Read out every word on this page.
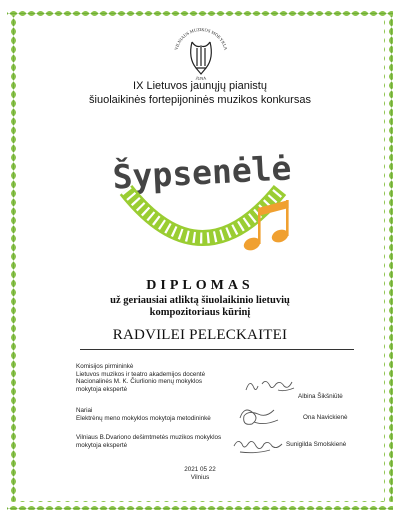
VILNIAUS MUZIKOS MOKYKLA
JUNA
IX Lietuvos jaunųjų pianistų
šiuolaikinės fortepijoninės muzikos konkursas
Šypsenėlė
DIPLOMAS
už geriausiai atliktą šiuolaikinio lietuvių
kompozitoriaus kūrinį
RADVILEI PELECKAITEI
Komisijos pirmininkė
Lietuvos muzikos ir teatro akademijos docentė
Nacionalinės M. K. Čiurlionio menų mokyklos
mokytoja ekspertė
Albina Šikšniūtė
Nariai
Elektrėnų meno mokyklos mokytoja metodininkė	Ona Navickienė
Vilniaus B.Dvariono dešimtmetės muzikos mokyklos
mokytoja ekspertė	Sunigilda Smolskienė
2021 05 22
Vilnius
